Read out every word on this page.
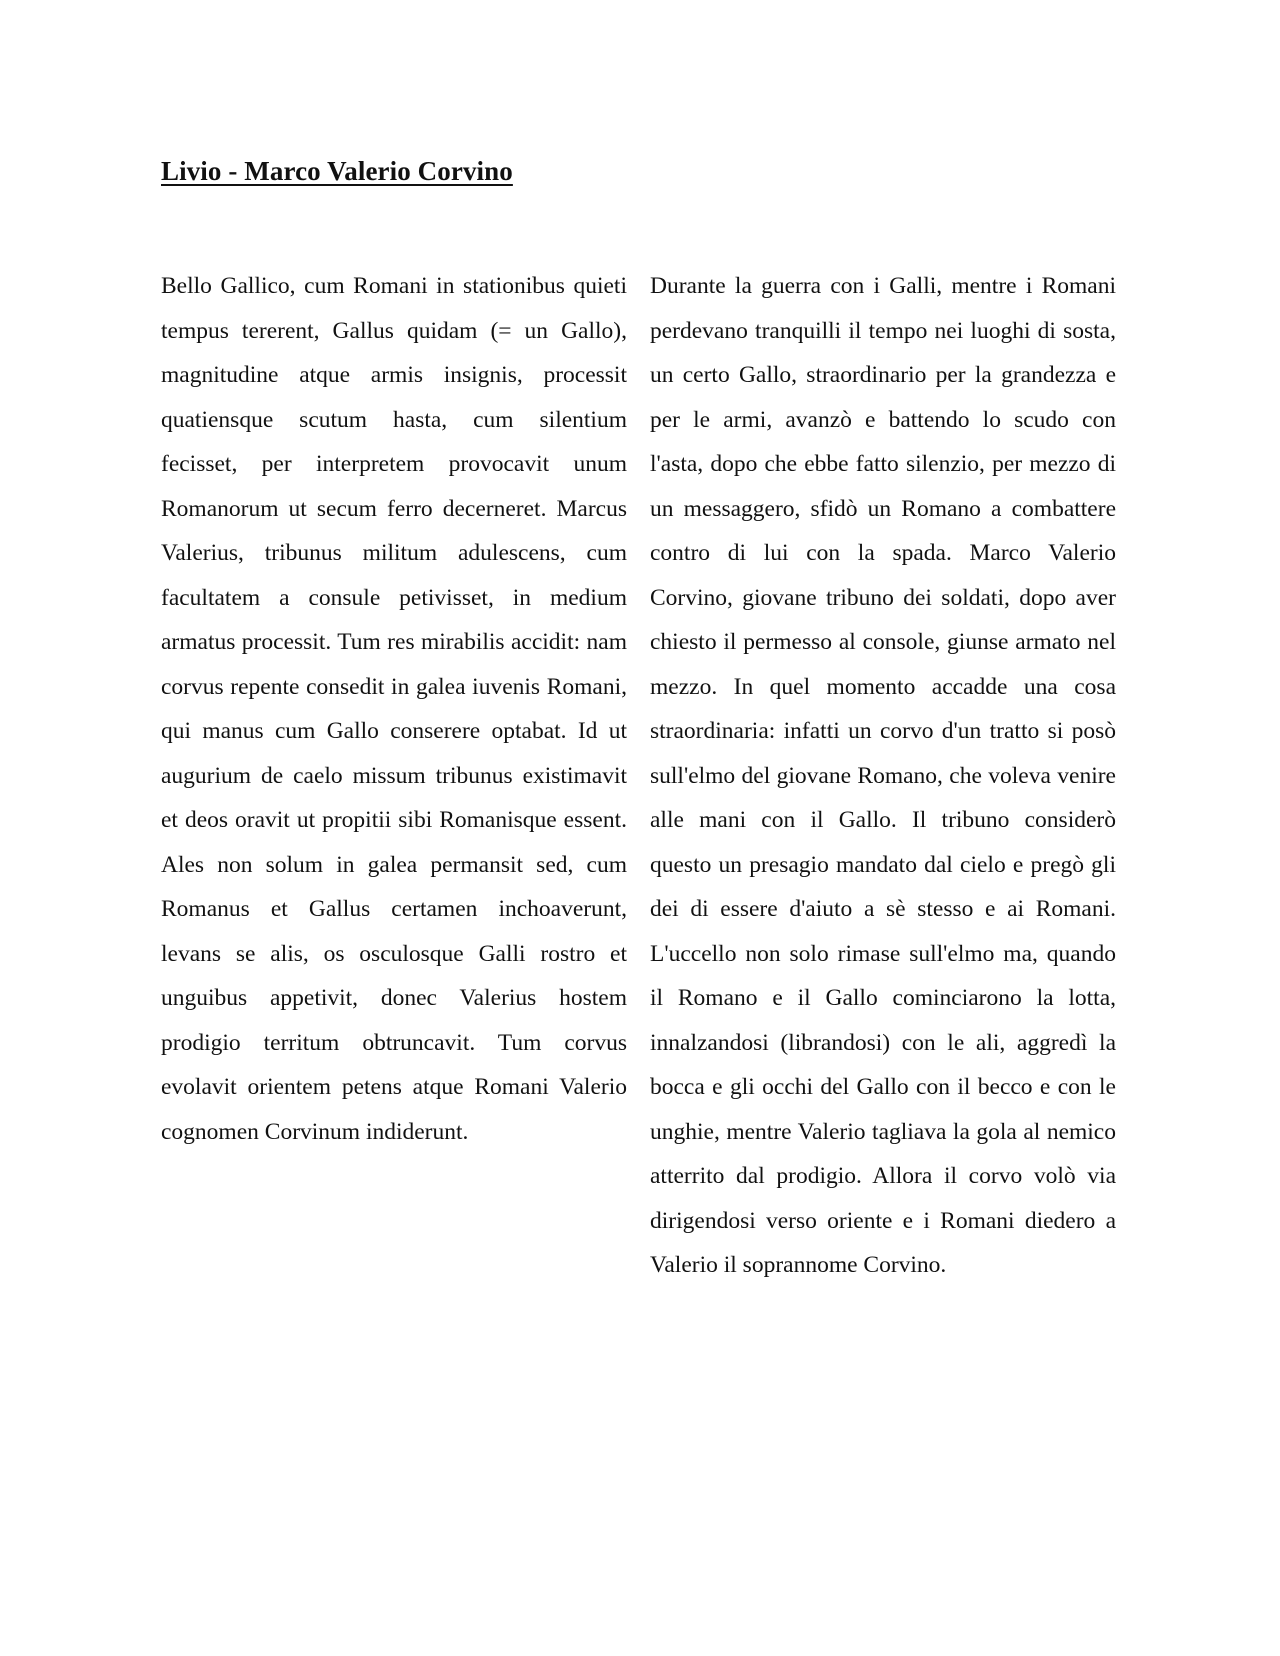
Livio - Marco Valerio Corvino

Bello Gallico, cum Romani in stationibus quieti tempus tererent, Gallus quidam (= un Gallo), magnitudine atque armis insignis, processit quatiensque scutum hasta, cum silentium fecisset, per interpretem provocavit unum Romanorum ut secum ferro decerneret. Marcus Valerius, tribunus militum adulescens, cum facultatem a consule petivisset, in medium armatus processit. Tum res mirabilis accidit: nam corvus repente consedit in galea iuvenis Romani, qui manus cum Gallo conserere optabat. Id ut augurium de caelo missum tribunus existimavit et deos oravit ut propitii sibi Romanisque essent. Ales non solum in galea permansit sed, cum Romanus et Gallus certamen inchoaverunt, levans se alis, os osculosque Galli rostro et unguibus appetivit, donec Valerius hostem prodigio territum obtruncavit. Tum corvus evolavit orientem petens atque Romani Valerio cognomen Corvinum indiderunt.

Durante la guerra con i Galli, mentre i Romani perdevano tranquilli il tempo nei luoghi di sosta, un certo Gallo, straordinario per la grandezza e per le armi, avanzò e battendo lo scudo con l'asta, dopo che ebbe fatto silenzio, per mezzo di un messaggero, sfidò un Romano a combattere contro di lui con la spada. Marco Valerio Corvino, giovane tribuno dei soldati, dopo aver chiesto il permesso al console, giunse armato nel mezzo. In quel momento accadde una cosa straordinaria: infatti un corvo d'un tratto si posò sull'elmo del giovane Romano, che voleva venire alle mani con il Gallo. Il tribuno considerò questo un presagio mandato dal cielo e pregò gli dei di essere d'aiuto a sè stesso e ai Romani. L'uccello non solo rimase sull'elmo ma, quando il Romano e il Gallo cominciarono la lotta, innalzandosi (librandosi) con le ali, aggredì la bocca e gli occhi del Gallo con il becco e con le unghie, mentre Valerio tagliava la gola al nemico atterrito dal prodigio. Allora il corvo volò via dirigendosi verso oriente e i Romani diedero a Valerio il soprannome Corvino.
